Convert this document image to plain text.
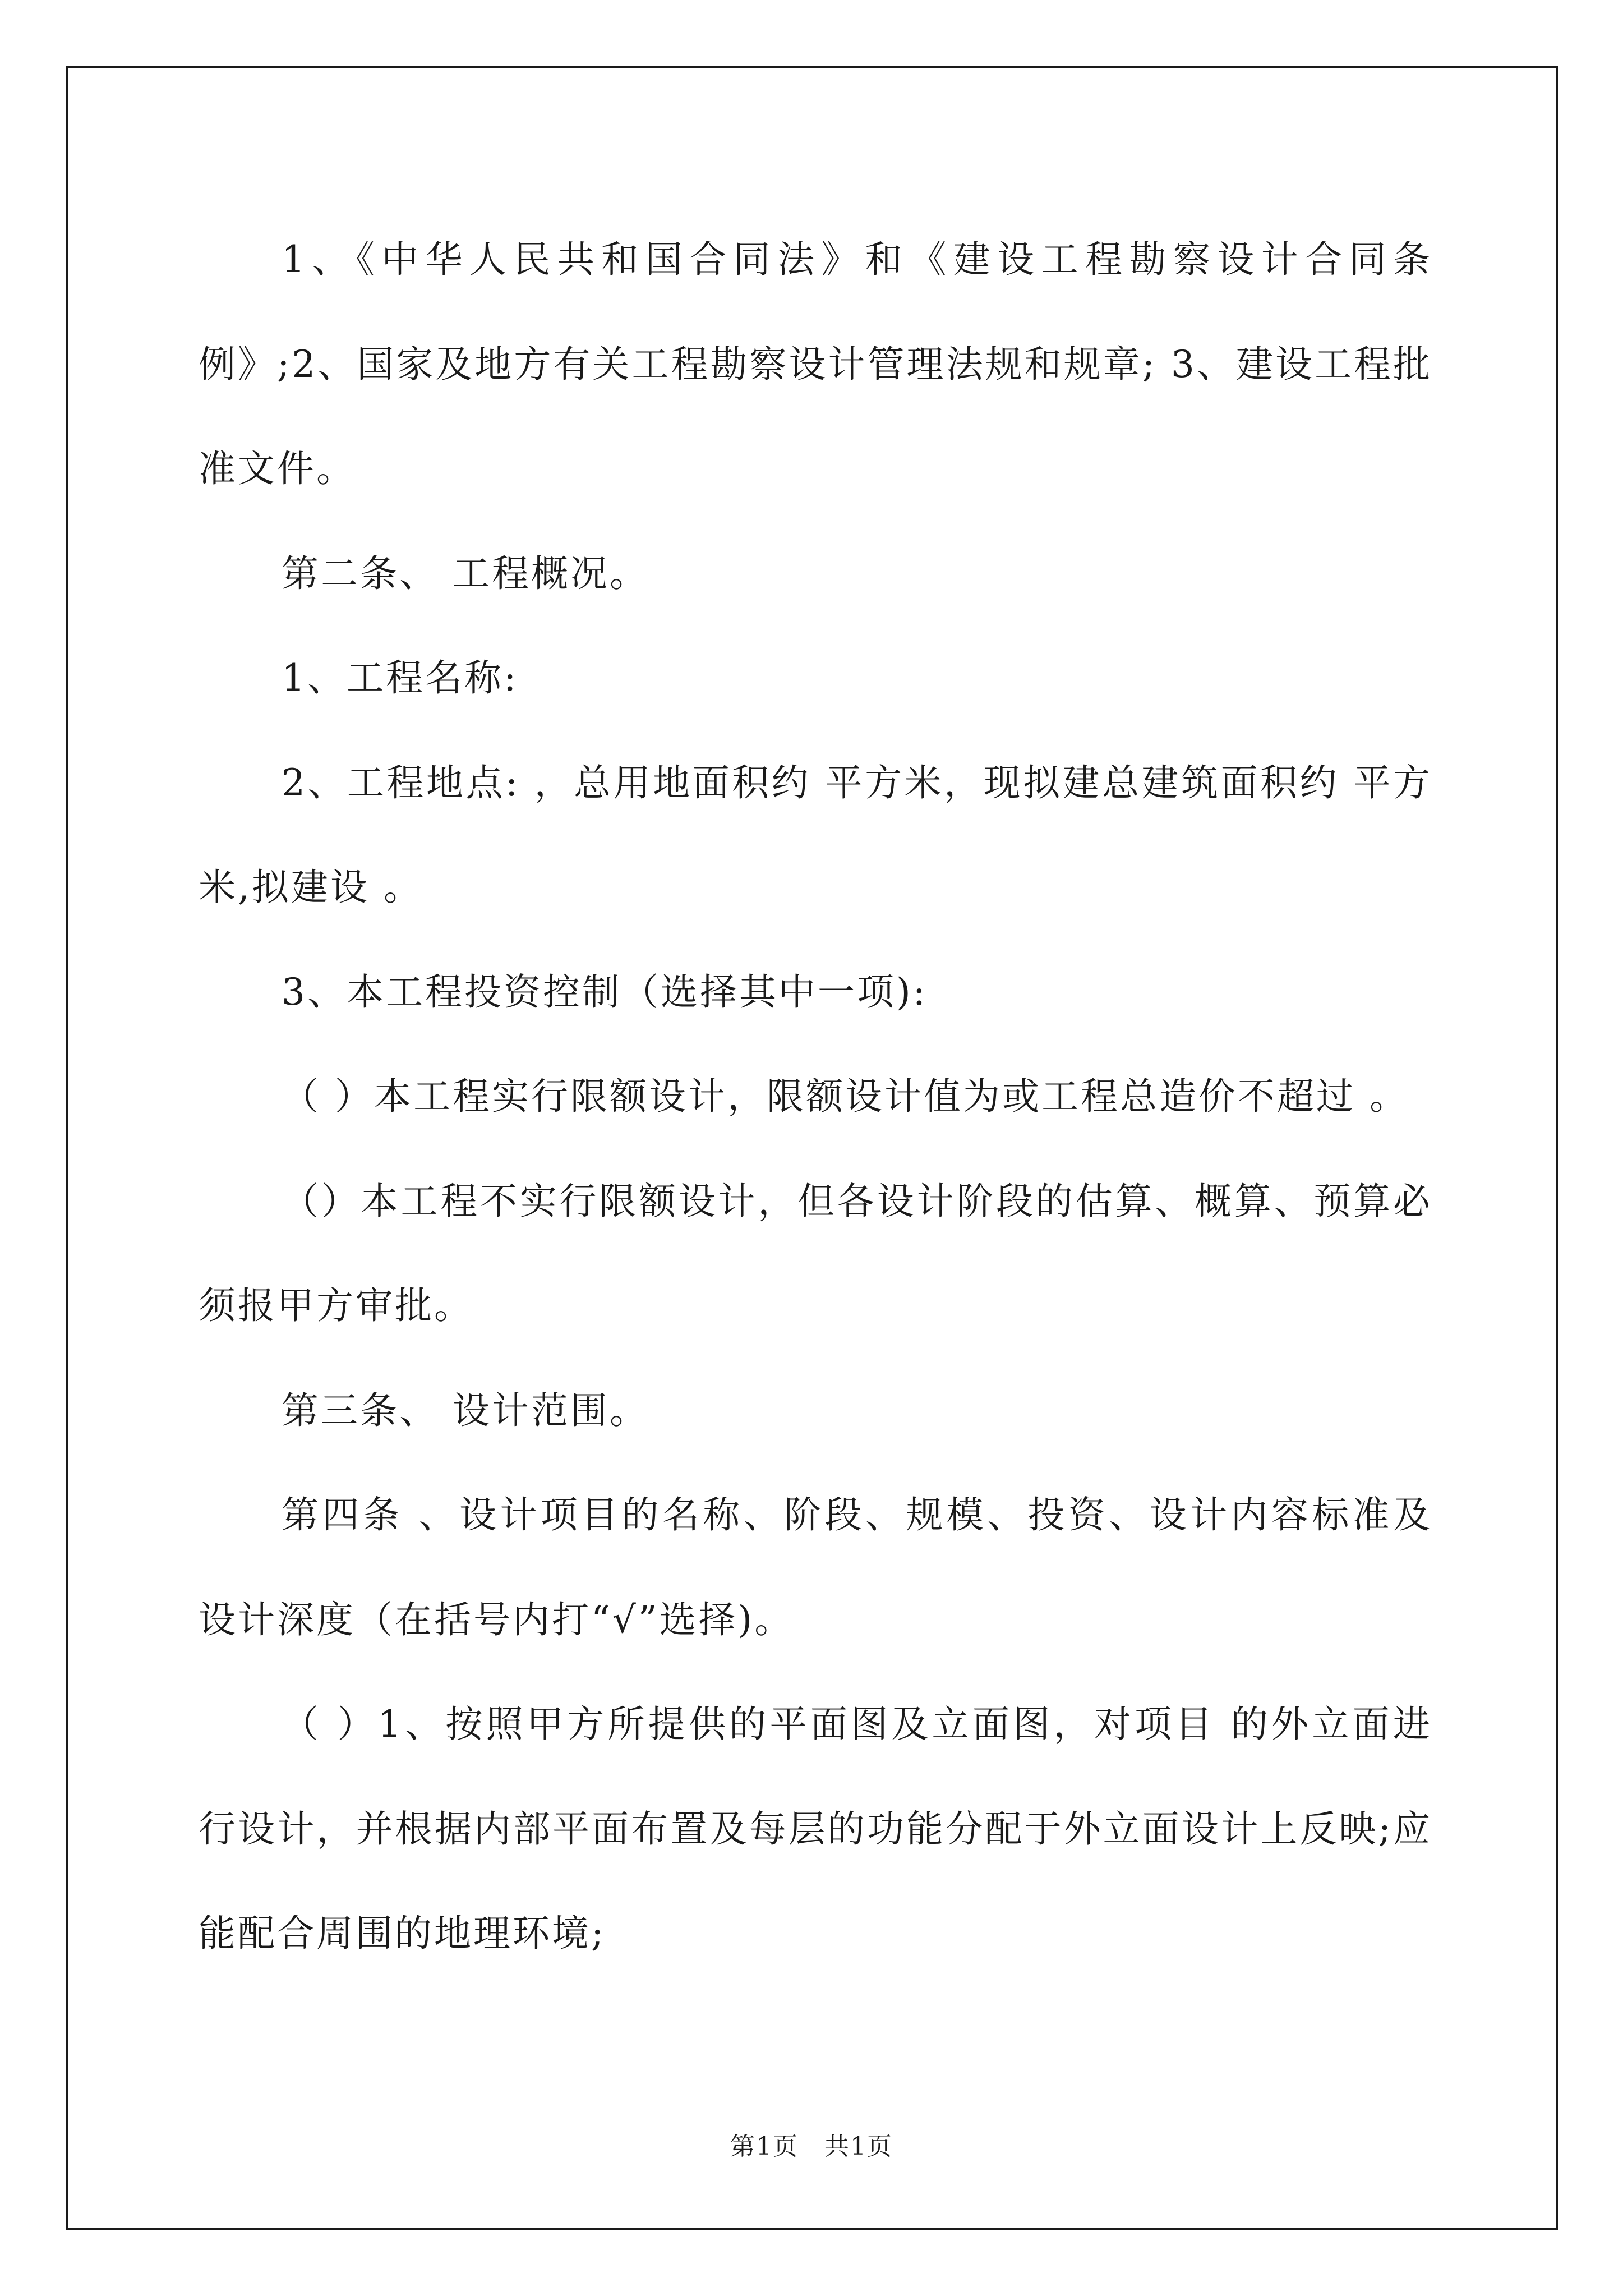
1、《中华人民共和国合同法》和《建设工程勘察设计合同条例》;2、国家及地方有关工程勘察设计管理法规和规章; 3、建设工程批准文件。

第二条、 工程概况。

1、工程名称:

2、工程地点: ，总用地面积约 平方米，现拟建总建筑面积约 平方米,拟建设 。

3、本工程投资控制（选择其中一项):

（ ）本工程实行限额设计，限额设计值为或工程总造价不超过 。

（）本工程不实行限额设计，但各设计阶段的估算、概算、预算必须报甲方审批。

第三条、 设计范围。

第四条 、设计项目的名称、阶段、规模、投资、设计内容标准及设计深度（在括号内打“√”选择)。

（ ）1、按照甲方所提供的平面图及立面图，对项目 的外立面进行设计，并根据内部平面布置及每层的功能分配于外立面设计上反映;应能配合周围的地理环境;

第1页　共1页
